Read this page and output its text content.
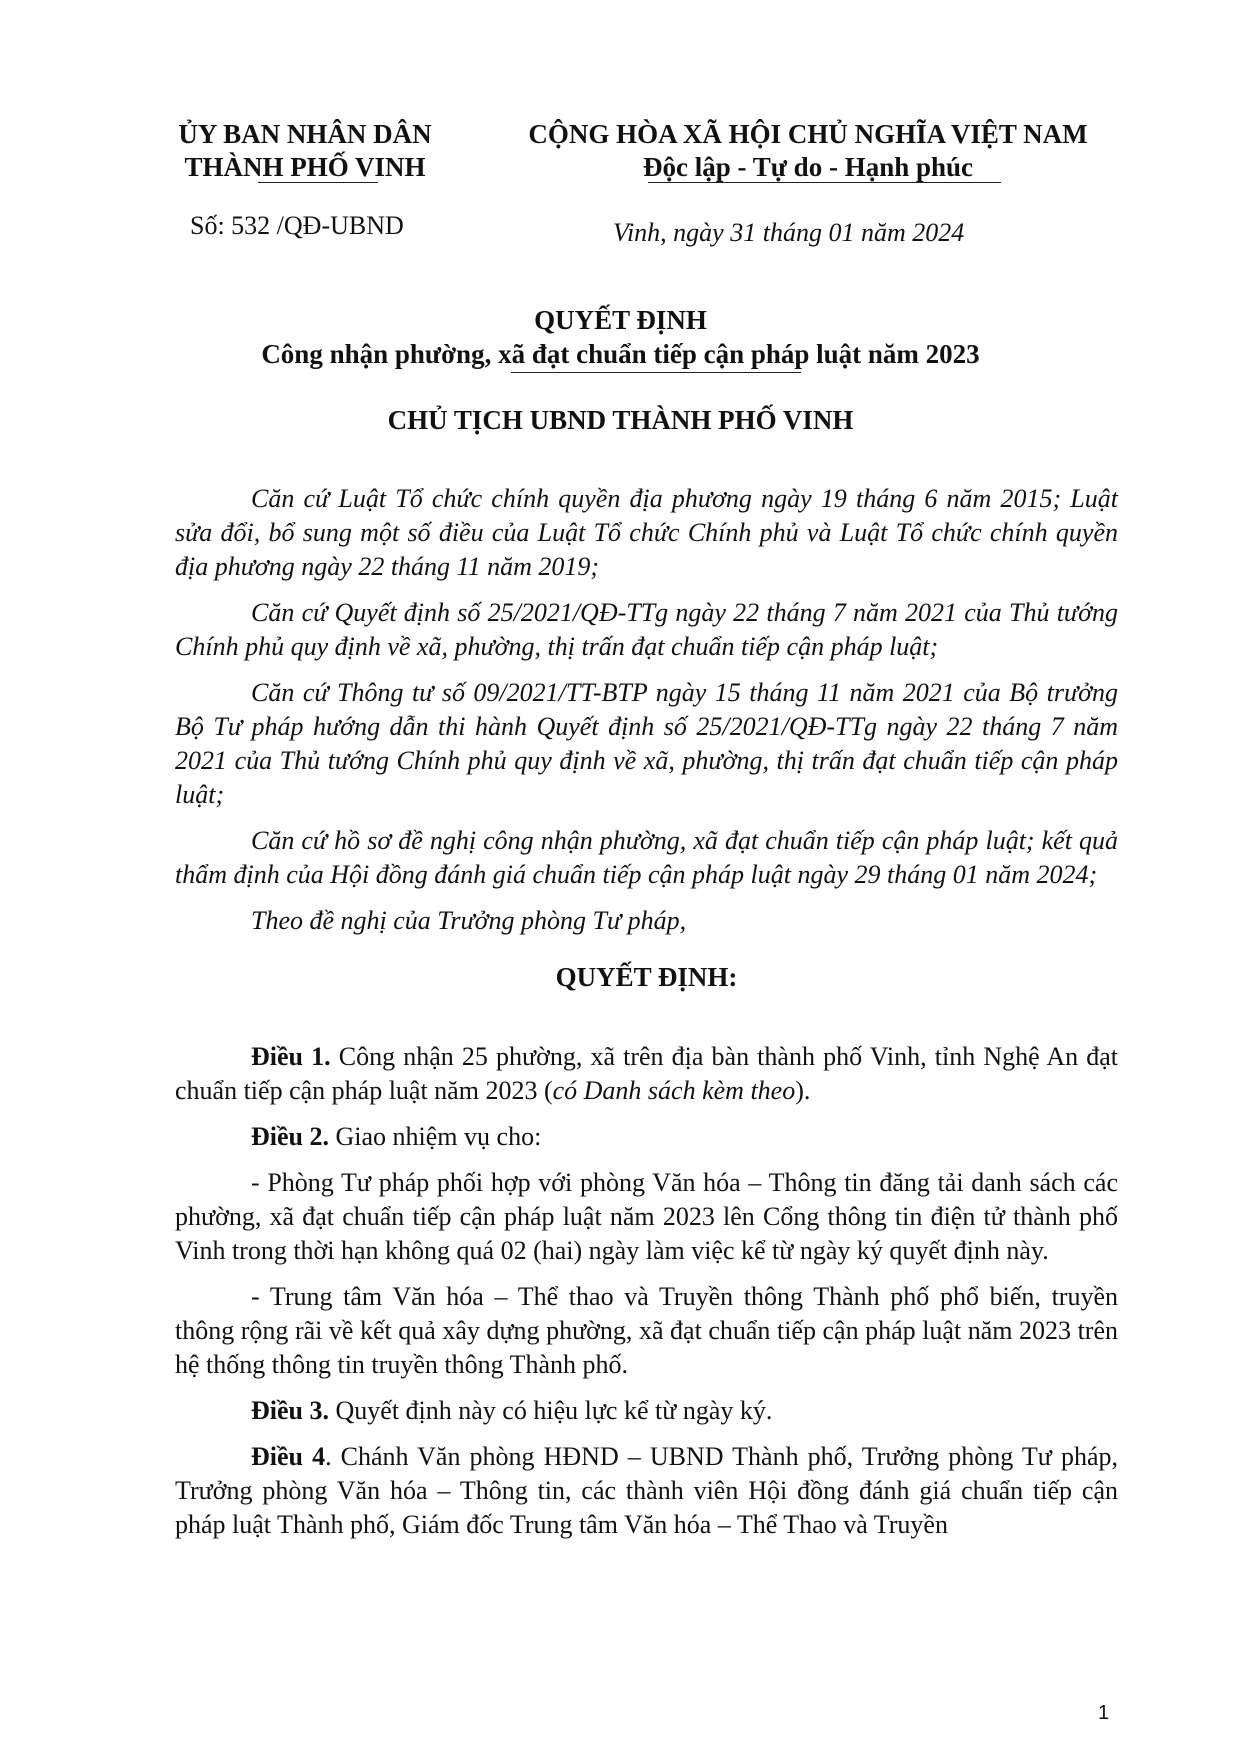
ỦY BAN NHÂN DÂN
THÀNH PHỐ VINH
CỘNG HÒA XÃ HỘI CHỦ NGHĨA VIỆT NAM
Độc lập - Tự do - Hạnh phúc
Số: 532 /QĐ-UBND	Vinh, ngày 31 tháng 01 năm 2024
QUYẾT ĐỊNH
Công nhận phường, xã đạt chuẩn tiếp cận pháp luật năm 2023
CHỦ TỊCH UBND THÀNH PHỐ VINH

Căn cứ Luật Tổ chức chính quyền địa phương ngày 19 tháng 6 năm 2015; Luật sửa đổi, bổ sung một số điều của Luật Tổ chức Chính phủ và Luật Tổ chức chính quyền địa phương ngày 22 tháng 11 năm 2019;

Căn cứ Quyết định số 25/2021/QĐ-TTg ngày 22 tháng 7 năm 2021 của Thủ tướng Chính phủ quy định về xã, phường, thị trấn đạt chuẩn tiếp cận pháp luật;

Căn cứ Thông tư số 09/2021/TT-BTP ngày 15 tháng 11 năm 2021 của Bộ trưởng Bộ Tư pháp hướng dẫn thi hành Quyết định số 25/2021/QĐ-TTg ngày 22 tháng 7 năm 2021 của Thủ tướng Chính phủ quy định về xã, phường, thị trấn đạt chuẩn tiếp cận pháp luật;

Căn cứ hồ sơ đề nghị công nhận phường, xã đạt chuẩn tiếp cận pháp luật; kết quả thẩm định của Hội đồng đánh giá chuẩn tiếp cận pháp luật ngày 29 tháng 01 năm 2024;

Theo đề nghị của Trưởng phòng Tư pháp,

QUYẾT ĐỊNH:

Điều 1. Công nhận 25 phường, xã trên địa bàn thành phố Vinh, tỉnh Nghệ An đạt chuẩn tiếp cận pháp luật năm 2023 (có Danh sách kèm theo).

Điều 2. Giao nhiệm vụ cho:

- Phòng Tư pháp phối hợp với phòng Văn hóa – Thông tin đăng tải danh sách các phường, xã đạt chuẩn tiếp cận pháp luật năm 2023 lên Cổng thông tin điện tử thành phố Vinh trong thời hạn không quá 02 (hai) ngày làm việc kể từ ngày ký quyết định này.

- Trung tâm Văn hóa – Thể thao và Truyền thông Thành phố phổ biến, truyền thông rộng rãi về kết quả xây dựng phường, xã đạt chuẩn tiếp cận pháp luật năm 2023 trên hệ thống thông tin truyền thông Thành phố.

Điều 3. Quyết định này có hiệu lực kể từ ngày ký.

Điều 4. Chánh Văn phòng HĐND – UBND Thành phố, Trưởng phòng Tư pháp, Trưởng phòng Văn hóa – Thông tin, các thành viên Hội đồng đánh giá chuẩn tiếp cận pháp luật Thành phố, Giám đốc Trung tâm Văn hóa – Thể Thao và Truyền

1
